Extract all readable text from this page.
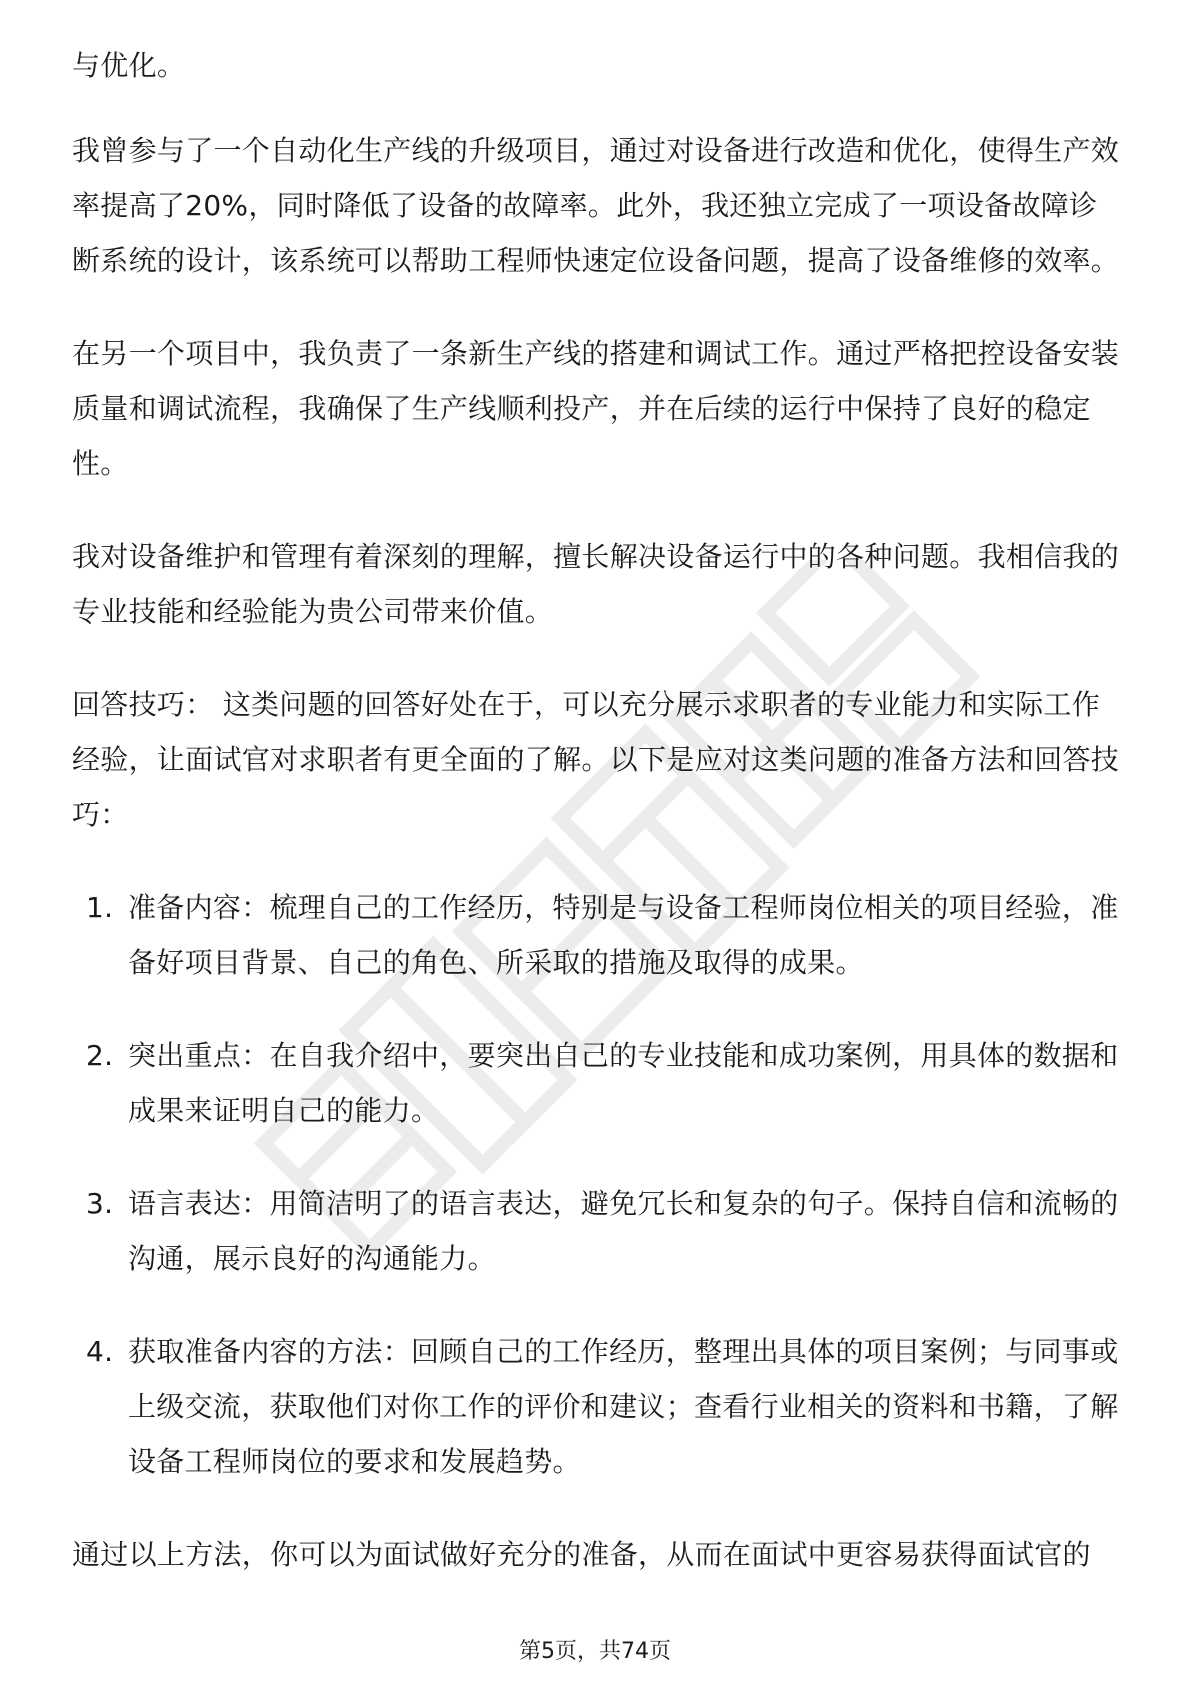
与优化。

我曾参与了一个自动化生产线的升级项目，通过对设备进行改造和优化，使得生产效率提高了20%，同时降低了设备的故障率。此外，我还独立完成了一项设备故障诊断系统的设计，该系统可以帮助工程师快速定位设备问题，提高了设备维修的效率。

在另一个项目中，我负责了一条新生产线的搭建和调试工作。通过严格把控设备安装质量和调试流程，我确保了生产线顺利投产，并在后续的运行中保持了良好的稳定性。

我对设备维护和管理有着深刻的理解，擅长解决设备运行中的各种问题。我相信我的专业技能和经验能为贵公司带来价值。

回答技巧： 这类问题的回答好处在于，可以充分展示求职者的专业能力和实际工作经验，让面试官对求职者有更全面的了解。以下是应对这类问题的准备方法和回答技巧：

1. 准备内容：梳理自己的工作经历，特别是与设备工程师岗位相关的项目经验，准备好项目背景、自己的角色、所采取的措施及取得的成果。
2. 突出重点：在自我介绍中，要突出自己的专业技能和成功案例，用具体的数据和成果来证明自己的能力。
3. 语言表达：用简洁明了的语言表达，避免冗长和复杂的句子。保持自信和流畅的沟通，展示良好的沟通能力。
4. 获取准备内容的方法：回顾自己的工作经历，整理出具体的项目案例；与同事或上级交流，获取他们对你工作的评价和建议；查看行业相关的资料和书籍，了解设备工程师岗位的要求和发展趋势。

通过以上方法，你可以为面试做好充分的准备，从而在面试中更容易获得面试官的

第5页，共74页
